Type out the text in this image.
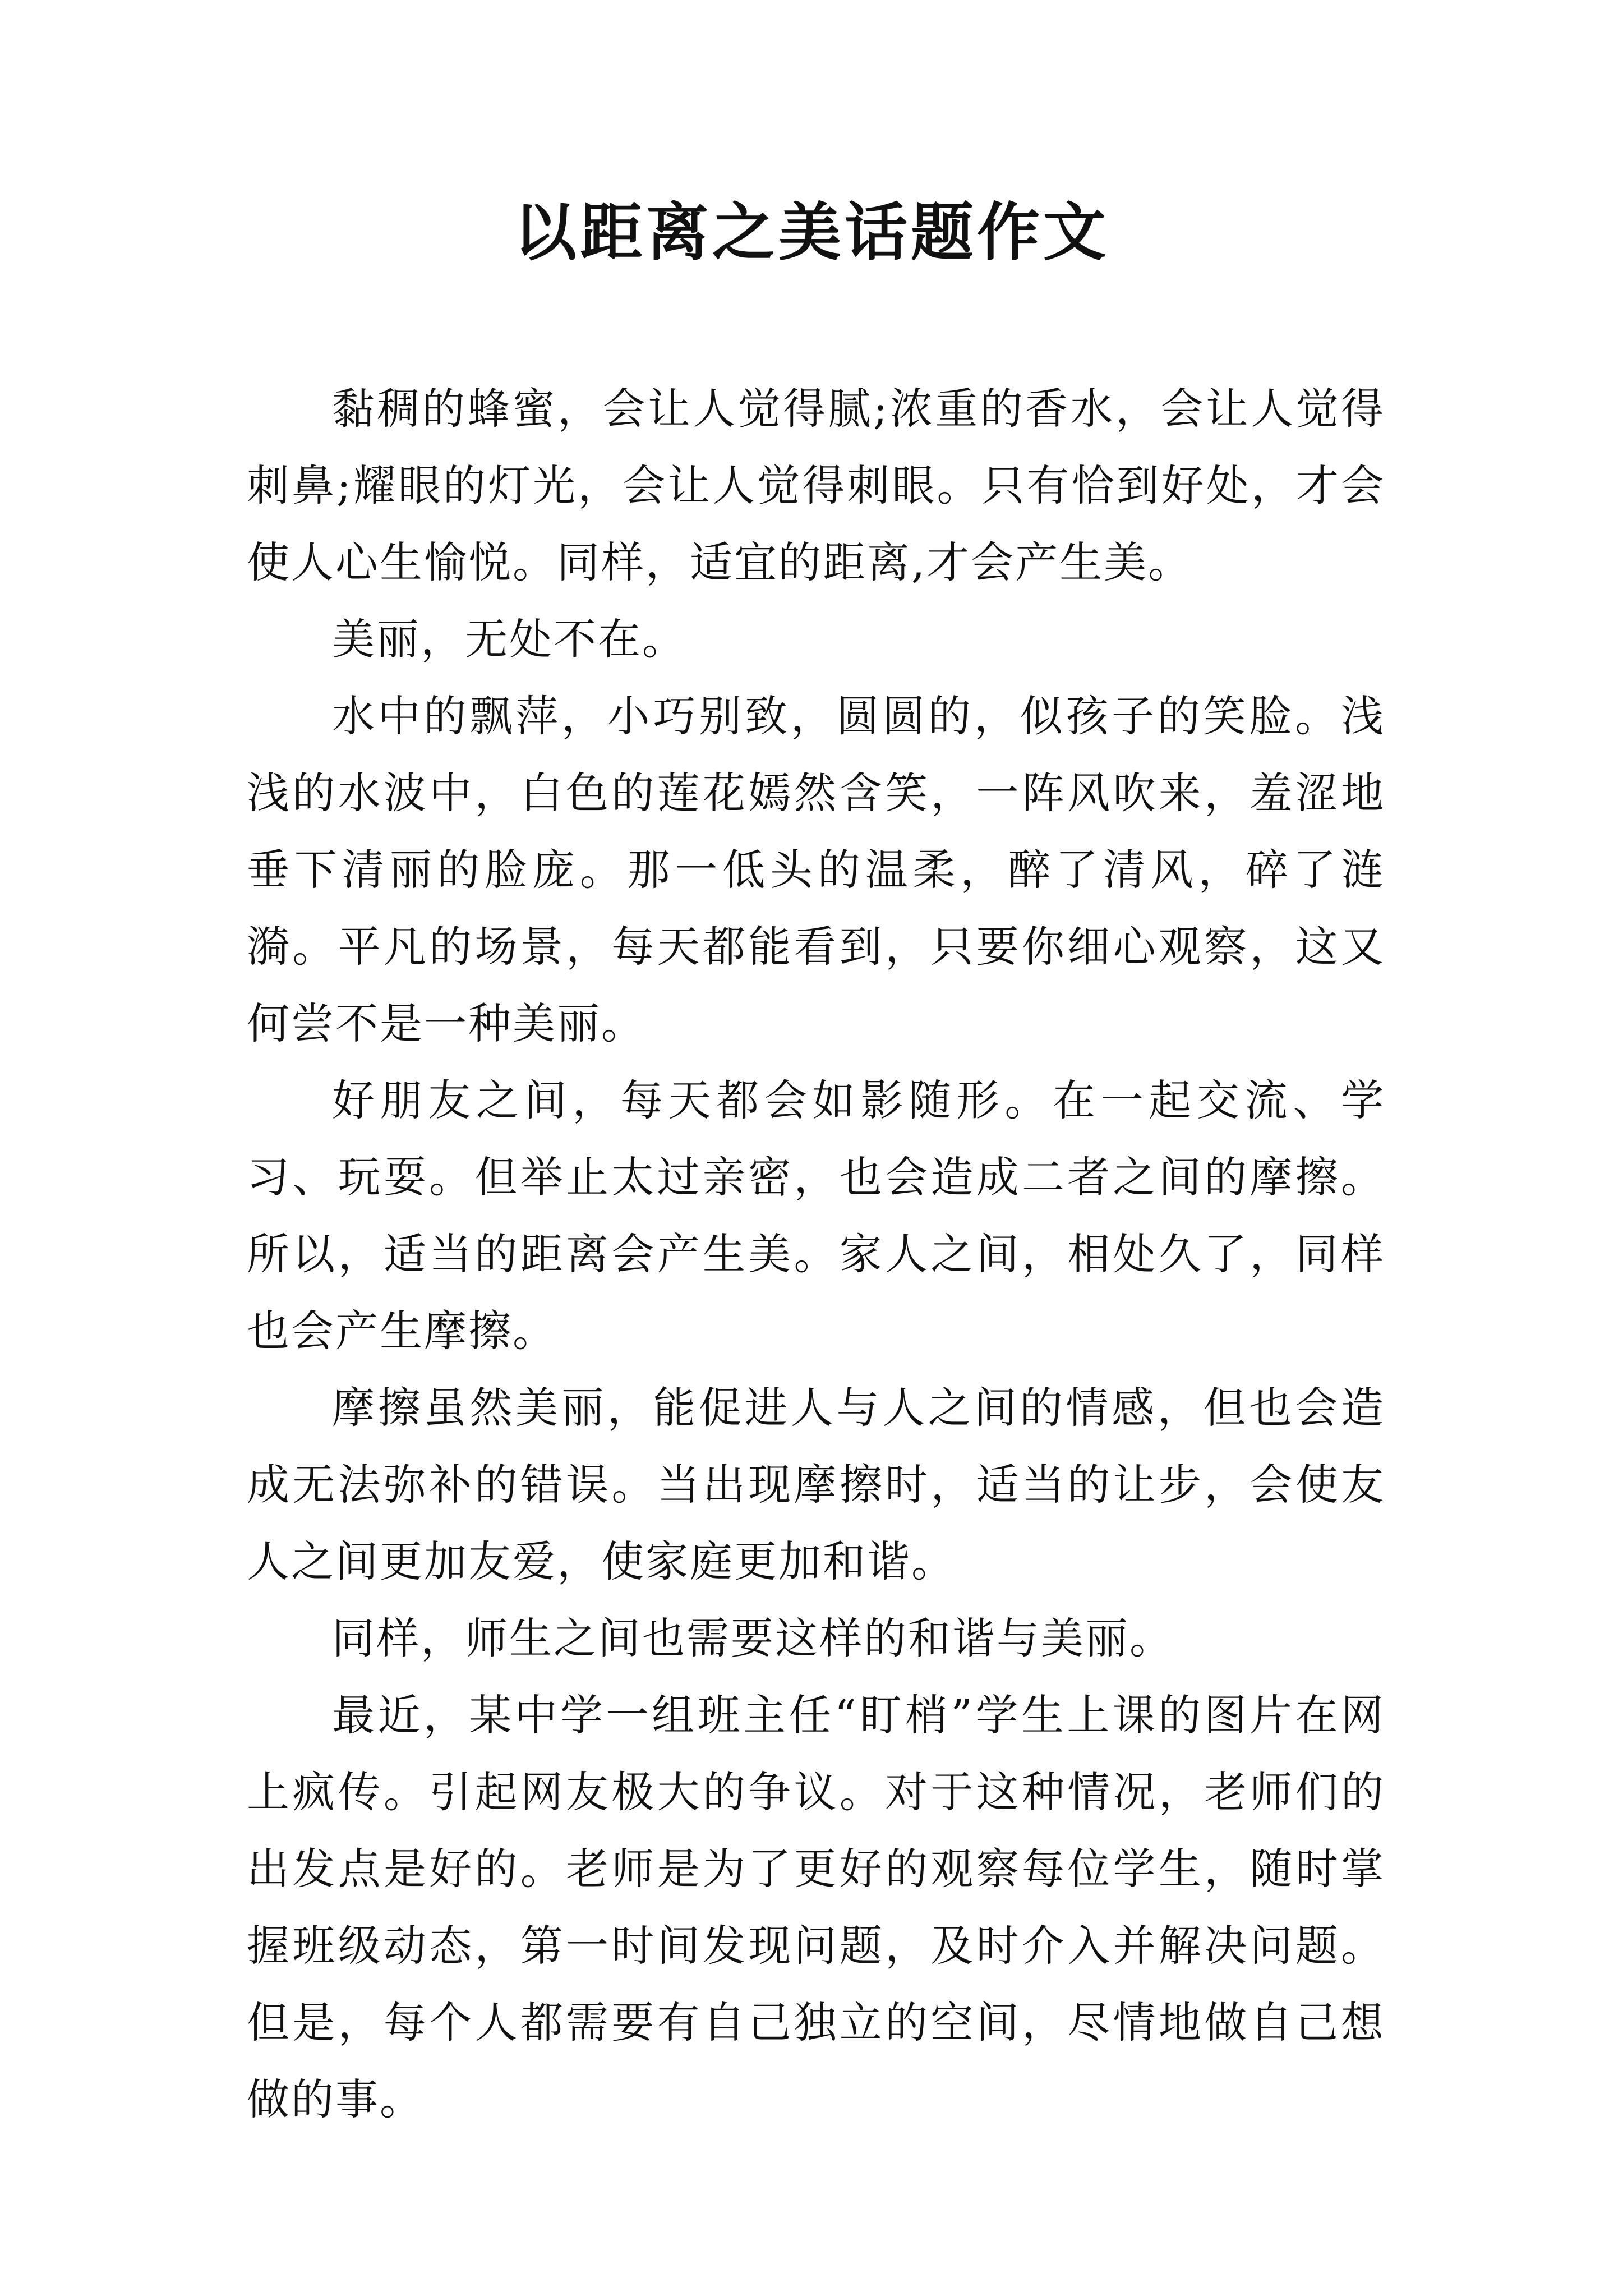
以距离之美话题作文

黏稠的蜂蜜，会让人觉得腻;浓重的香水，会让人觉得刺鼻;耀眼的灯光，会让人觉得刺眼。只有恰到好处，才会使人心生愉悦。同样，适宜的距离,才会产生美。

美丽，无处不在。

水中的飘萍，小巧别致，圆圆的，似孩子的笑脸。浅浅的水波中，白色的莲花嫣然含笑，一阵风吹来，羞涩地垂下清丽的脸庞。那一低头的温柔，醉了清风，碎了涟漪。平凡的场景，每天都能看到，只要你细心观察，这又何尝不是一种美丽。

好朋友之间，每天都会如影随形。在一起交流、学习、玩耍。但举止太过亲密，也会造成二者之间的摩擦。所以，适当的距离会产生美。家人之间，相处久了，同样也会产生摩擦。

摩擦虽然美丽，能促进人与人之间的情感，但也会造成无法弥补的错误。当出现摩擦时，适当的让步，会使友人之间更加友爱，使家庭更加和谐。

同样，师生之间也需要这样的和谐与美丽。

最近，某中学一组班主任“盯梢”学生上课的图片在网上疯传。引起网友极大的争议。对于这种情况，老师们的出发点是好的。老师是为了更好的观察每位学生，随时掌握班级动态，第一时间发现问题，及时介入并解决问题。但是，每个人都需要有自己独立的空间，尽情地做自己想做的事。
